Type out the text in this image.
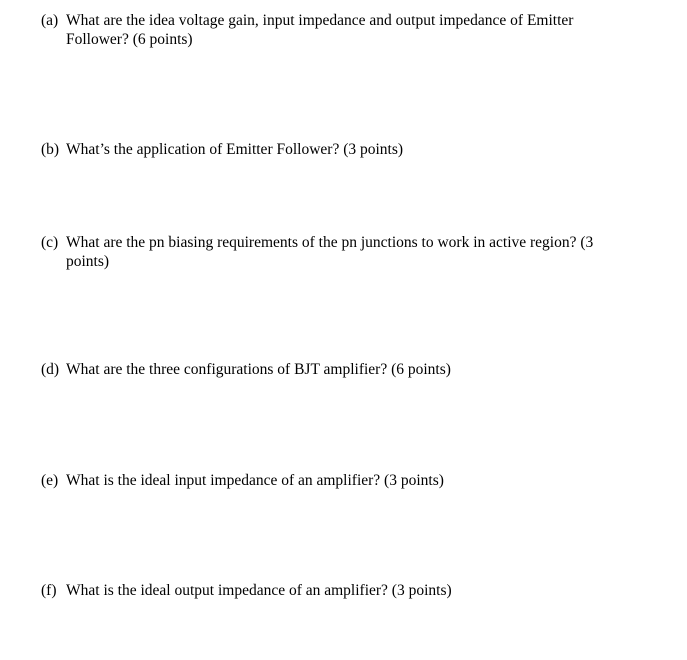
(a) What are the idea voltage gain, input impedance and output impedance of Emitter Follower? (6 points)
(b) What’s the application of Emitter Follower? (3 points)
(c) What are the pn biasing requirements of the pn junctions to work in active region? (3 points)
(d) What are the three configurations of BJT amplifier? (6 points)
(e) What is the ideal input impedance of an amplifier? (3 points)
(f) What is the ideal output impedance of an amplifier? (3 points)
